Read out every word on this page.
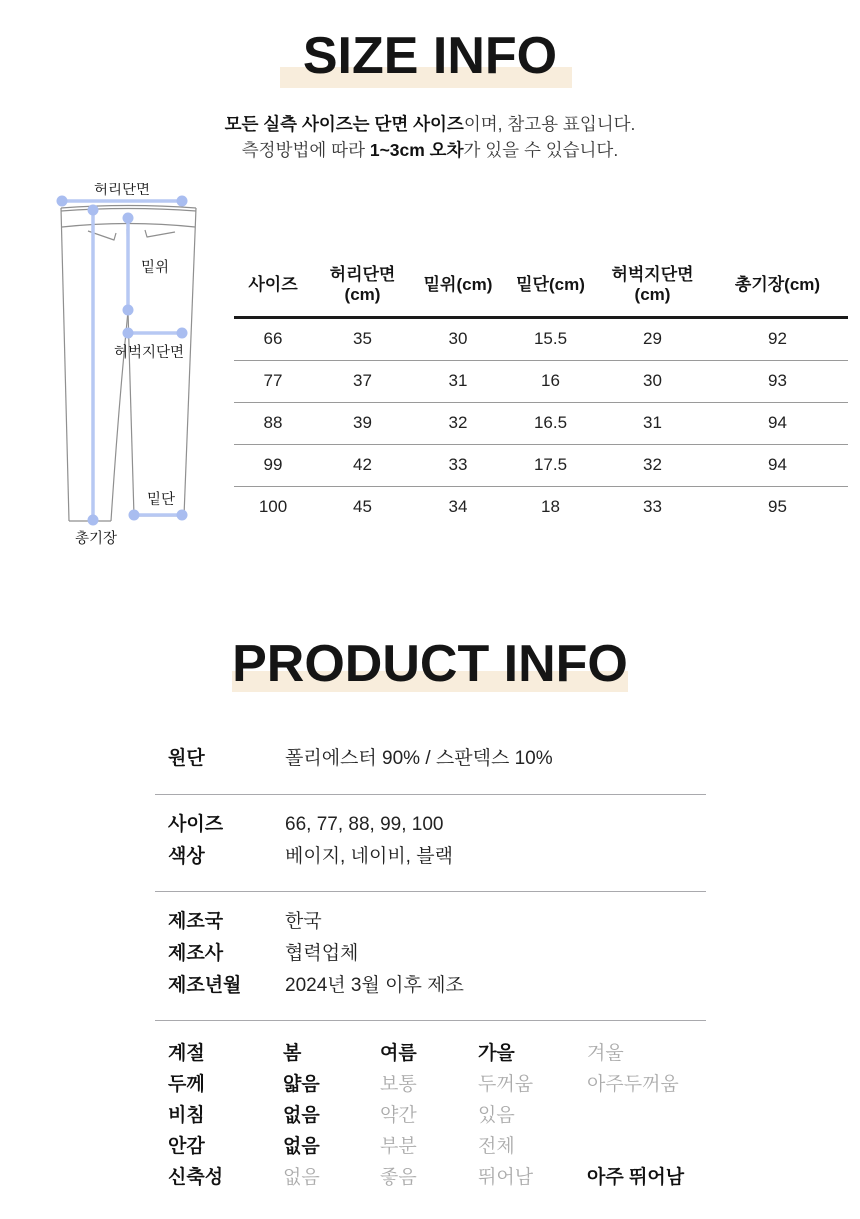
SIZE INFO
모든 실측 사이즈는 단면 사이즈이며, 참고용 표입니다.
측정방법에 따라 1~3cm 오차가 있을 수 있습니다.
허리단면
밑위
허벅지단면
밑단
총기장
사이즈	허리단면(cm)	밑위(cm)	밑단(cm)	허벅지단면(cm)	총기장(cm)
66	35	30	15.5	29	92
77	37	31	16	30	93
88	39	32	16.5	31	94
99	42	33	17.5	32	94
100	45	34	18	33	95
PRODUCT INFO
원단	폴리에스터 90% / 스판덱스 10%
사이즈	66, 77, 88, 99, 100
색상	베이지, 네이비, 블랙
제조국	한국
제조사	협력업체
제조년월	2024년 3월 이후 제조
계절	봄	여름	가을	겨울
두께	얇음	보통	두꺼움	아주두꺼움
비침	없음	약간	있음
안감	없음	부분	전체
신축성	없음	좋음	뛰어남	아주 뛰어남
